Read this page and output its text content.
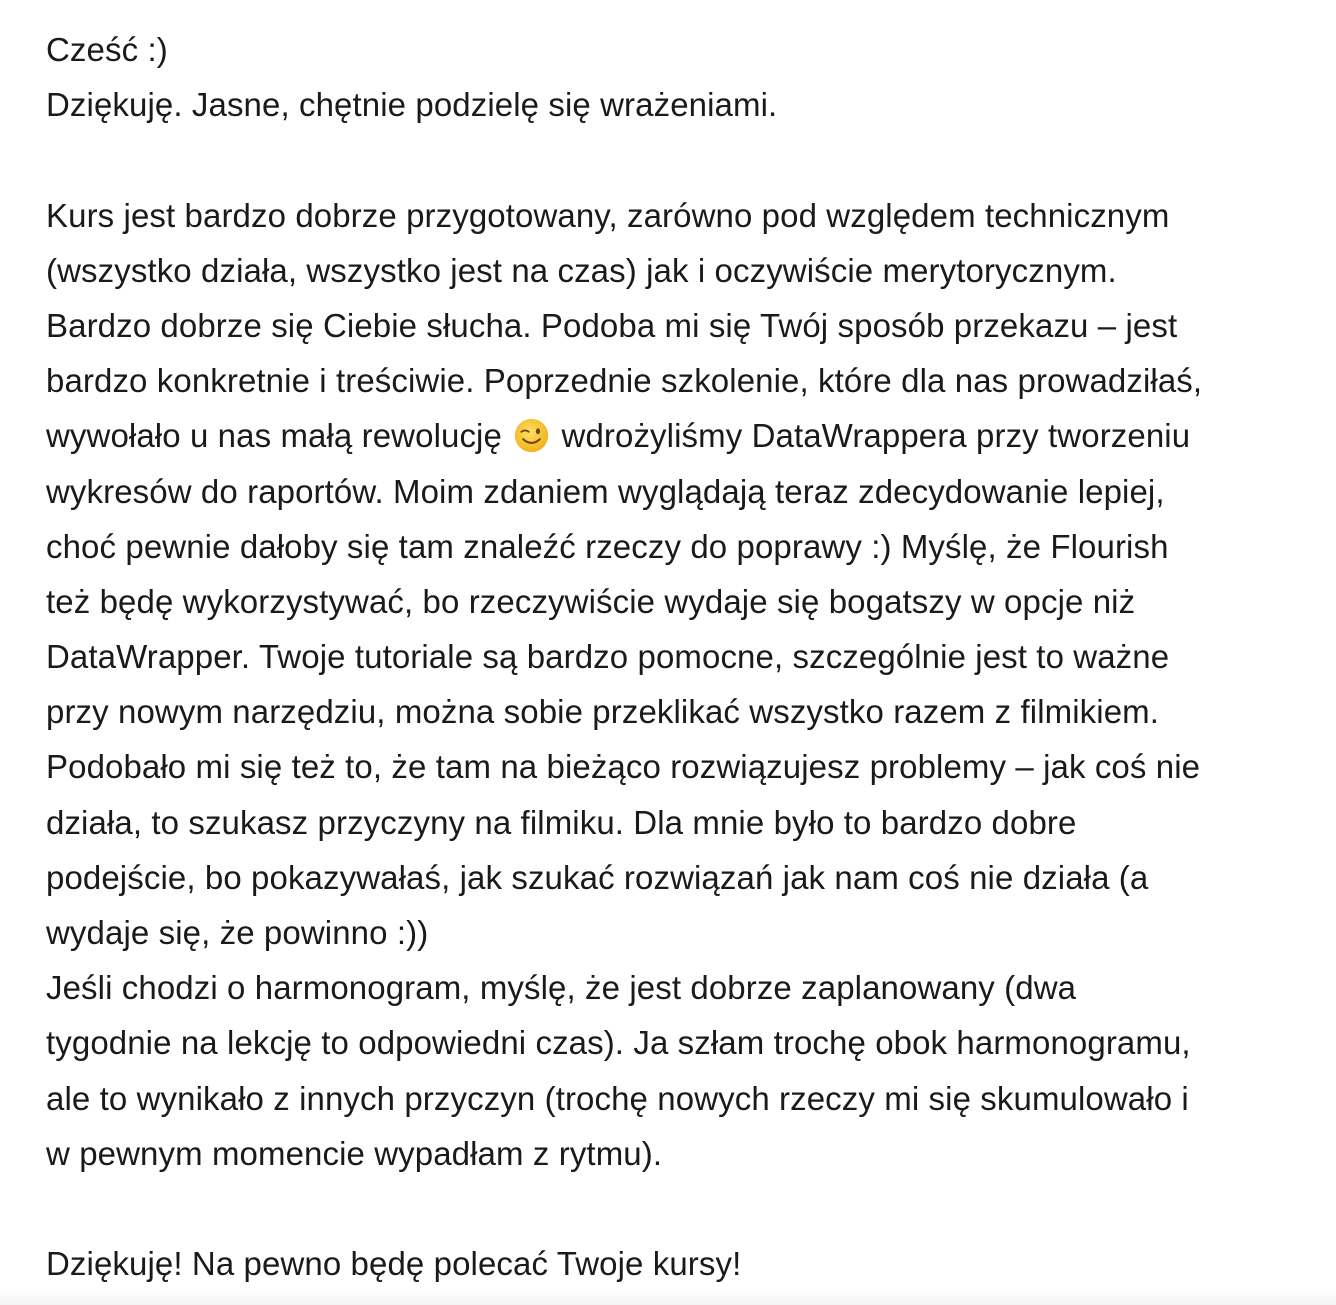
Cześć :)
Dziękuję. Jasne, chętnie podzielę się wrażeniami.
Kurs jest bardzo dobrze przygotowany, zarówno pod względem technicznym
(wszystko działa, wszystko jest na czas) jak i oczywiście merytorycznym.
Bardzo dobrze się Ciebie słucha. Podoba mi się Twój sposób przekazu – jest
bardzo konkretnie i treściwie. Poprzednie szkolenie, które dla nas prowadziłaś,
wywołało u nas małą rewolucję wdrożyliśmy DataWrappera przy tworzeniu
wykresów do raportów. Moim zdaniem wyglądają teraz zdecydowanie lepiej,
choć pewnie dałoby się tam znaleźć rzeczy do poprawy :) Myślę, że Flourish
też będę wykorzystywać, bo rzeczywiście wydaje się bogatszy w opcje niż
DataWrapper. Twoje tutoriale są bardzo pomocne, szczególnie jest to ważne
przy nowym narzędziu, można sobie przeklikać wszystko razem z filmikiem.
Podobało mi się też to, że tam na bieżąco rozwiązujesz problemy – jak coś nie
działa, to szukasz przyczyny na filmiku. Dla mnie było to bardzo dobre
podejście, bo pokazywałaś, jak szukać rozwiązań jak nam coś nie działa (a
wydaje się, że powinno :))
Jeśli chodzi o harmonogram, myślę, że jest dobrze zaplanowany (dwa
tygodnie na lekcję to odpowiedni czas). Ja szłam trochę obok harmonogramu,
ale to wynikało z innych przyczyn (trochę nowych rzeczy mi się skumulowało i
w pewnym momencie wypadłam z rytmu).
Dziękuję! Na pewno będę polecać Twoje kursy!
